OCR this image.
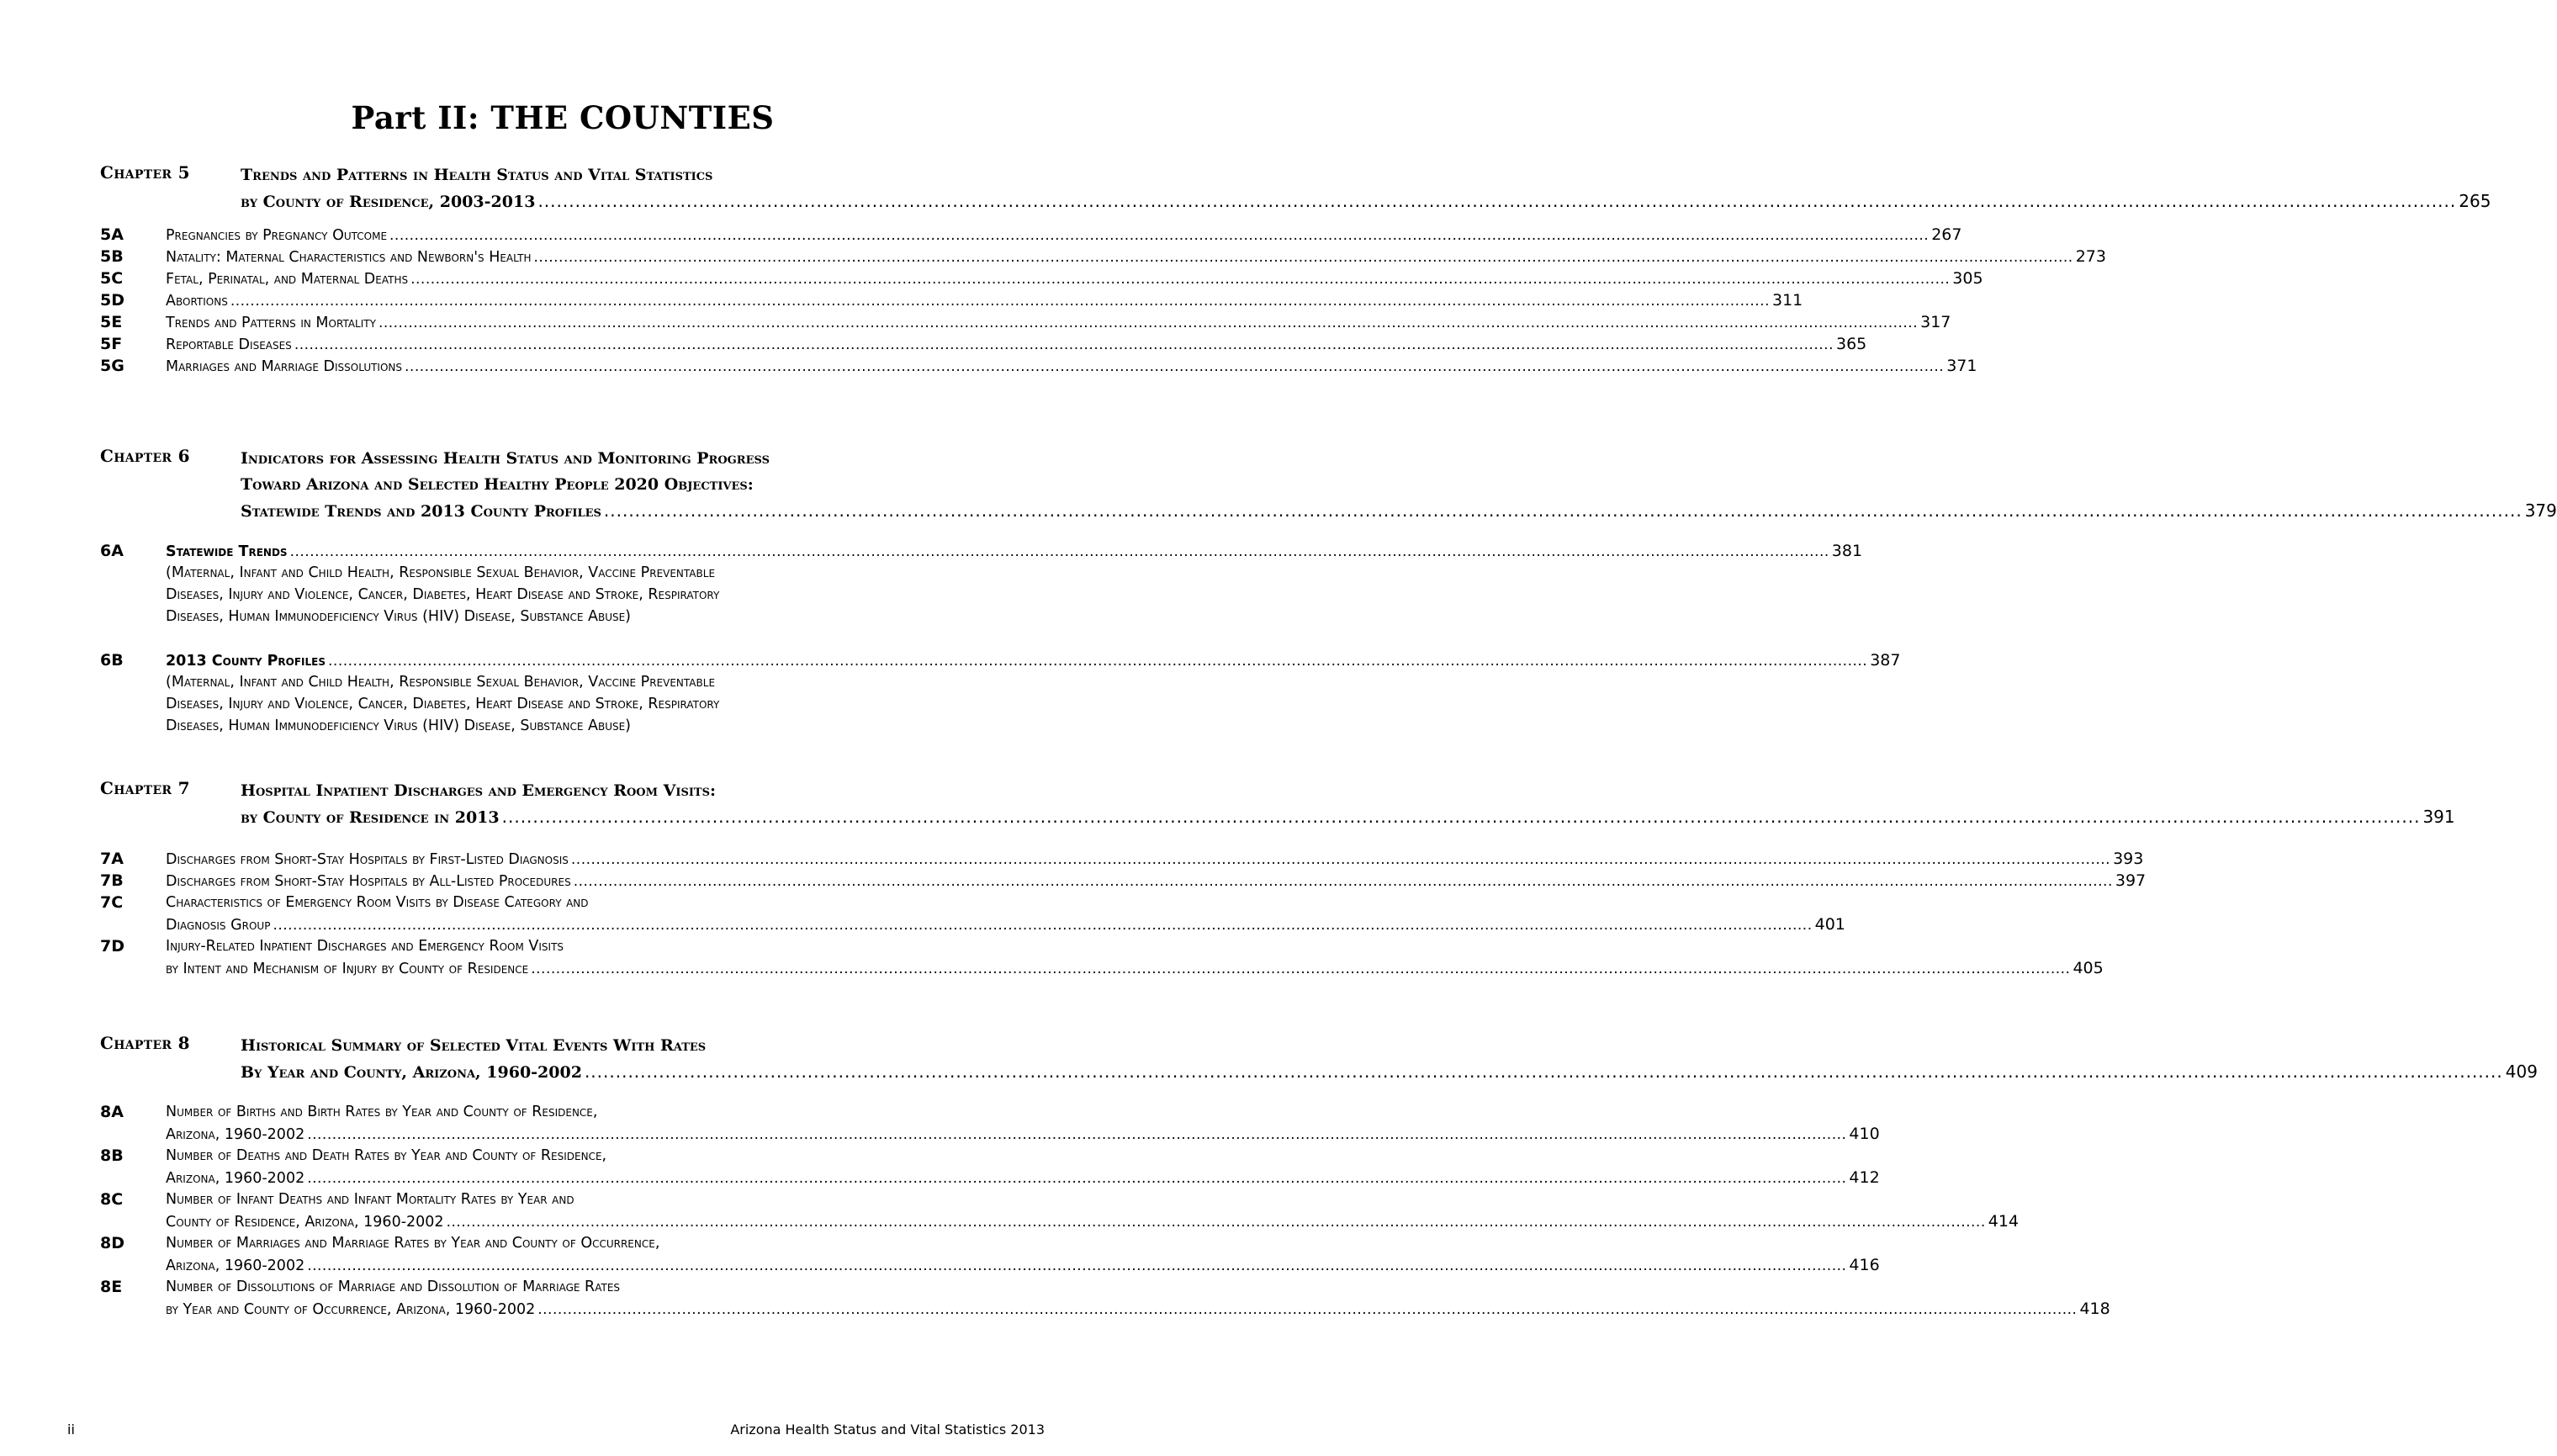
Part II: THE COUNTIES
Chapter 5	Trends and Patterns in Health Status and Vital Statistics
by County of Residence, 2003-2013 .....	265
5A	Pregnancies by Pregnancy Outcome .....	267
5B	Natality: Maternal Characteristics and Newborn's Health .....	273
5C	Fetal, Perinatal, and Maternal Deaths .....	305
5D	Abortions .....	311
5E	Trends and Patterns in Mortality .....	317
5F	Reportable Diseases .....	365
5G	Marriages and Marriage Dissolutions .....	371
Chapter 6	Indicators for Assessing Health Status and Monitoring Progress
Toward Arizona and Selected Healthy People 2020 Objectives:
Statewide Trends and 2013 County Profiles .....	379
6A	Statewide Trends .....	381
(Maternal, Infant and Child Health, Responsible Sexual Behavior, Vaccine Preventable
Diseases, Injury and Violence, Cancer, Diabetes, Heart Disease and Stroke, Respiratory
Diseases, Human Immunodeficiency Virus (HIV) Disease, Substance Abuse)
6B	2013 County Profiles .....	387
(Maternal, Infant and Child Health, Responsible Sexual Behavior, Vaccine Preventable
Diseases, Injury and Violence, Cancer, Diabetes, Heart Disease and Stroke, Respiratory
Diseases, Human Immunodeficiency Virus (HIV) Disease, Substance Abuse)
Chapter 7	Hospital Inpatient Discharges and Emergency Room Visits:
by County of Residence in 2013 .....	391
7A	Discharges from Short-Stay Hospitals by First-Listed Diagnosis .....	393
7B	Discharges from Short-Stay Hospitals by All-Listed Procedures .....	397
7C	Characteristics of Emergency Room Visits by Disease Category and
Diagnosis Group .....	401
7D	Injury-Related Inpatient Discharges and Emergency Room Visits
by Intent and Mechanism of Injury by County of Residence .....	405
Chapter 8	Historical Summary of Selected Vital Events With Rates
By Year and County, Arizona, 1960-2002 .....	409
8A	Number of Births and Birth Rates by Year and County of Residence,
Arizona, 1960-2002 .....	410
8B	Number of Deaths and Death Rates by Year and County of Residence,
Arizona, 1960-2002 .....	412
8C	Number of Infant Deaths and Infant Mortality Rates by Year and
County of Residence, Arizona, 1960-2002 .....	414
8D	Number of Marriages and Marriage Rates by Year and County of Occurrence,
Arizona, 1960-2002 .....	416
8E	Number of Dissolutions of Marriage and Dissolution of Marriage Rates
by Year and County of Occurrence, Arizona, 1960-2002 .....	418
ii	Arizona Health Status and Vital Statistics 2013
